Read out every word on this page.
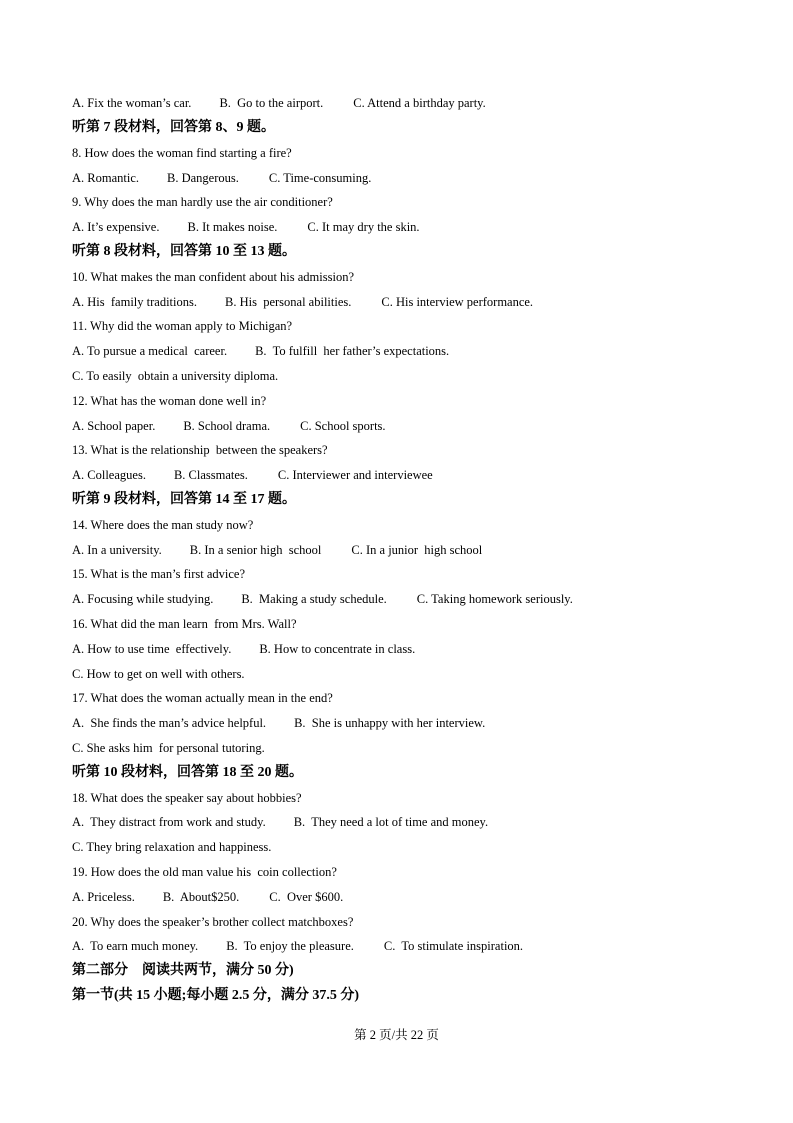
A. Fix the woman’s car. B.  Go to the airport. C. Attend a birthday party.
听第 7 段材料，回答第 8、9 题。
8. How does the woman find starting a fire?
A. Romantic. B. Dangerous. C. Time-consuming.
9. Why does the man hardly use the air conditioner?
A. It’s expensive. B. It makes noise. C. It may dry the skin.
听第 8 段材料，回答第 10 至 13 题。
10. What makes the man confident about his admission?
A. His  family traditions. B. His  personal abilities. C. His interview performance.
11. Why did the woman apply to Michigan?
A. To pursue a medical  career. B.  To fulfill  her father’s expectations.
C. To easily  obtain a university diploma.
12. What has the woman done well in?
A. School paper. B. School drama. C. School sports.
13. What is the relationship  between the speakers?
A. Colleagues. B. Classmates. C. Interviewer and interviewee
听第 9 段材料，回答第 14 至 17 题。
14. Where does the man study now?
A. In a university. B. In a senior high  school C. In a junior  high school
15. What is the man’s first advice?
A. Focusing while studying. B.  Making a study schedule. C. Taking homework seriously.
16. What did the man learn  from Mrs. Wall?
A. How to use time  effectively. B. How to concentrate in class.
C. How to get on well with others.
17. What does the woman actually mean in the end?
A.  She finds the man’s advice helpful. B.  She is unhappy with her interview.
C. She asks him  for personal tutoring.
听第 10 段材料，回答第 18 至 20 题。
18. What does the speaker say about hobbies?
A.  They distract from work and study. B.  They need a lot of time and money.
C. They bring relaxation and happiness.
19. How does the old man value his  coin collection?
A. Priceless. B.  About$250. C.  Over $600.
20. Why does the speaker’s brother collect matchboxes?
A.  To earn much money. B.  To enjoy the pleasure. C.  To stimulate inspiration.
第二部分    阅读共两节，满分 50 分)
第一节(共 15 小题;每小题 2.5 分，满分 37.5 分)
第 2 页/共 22 页
